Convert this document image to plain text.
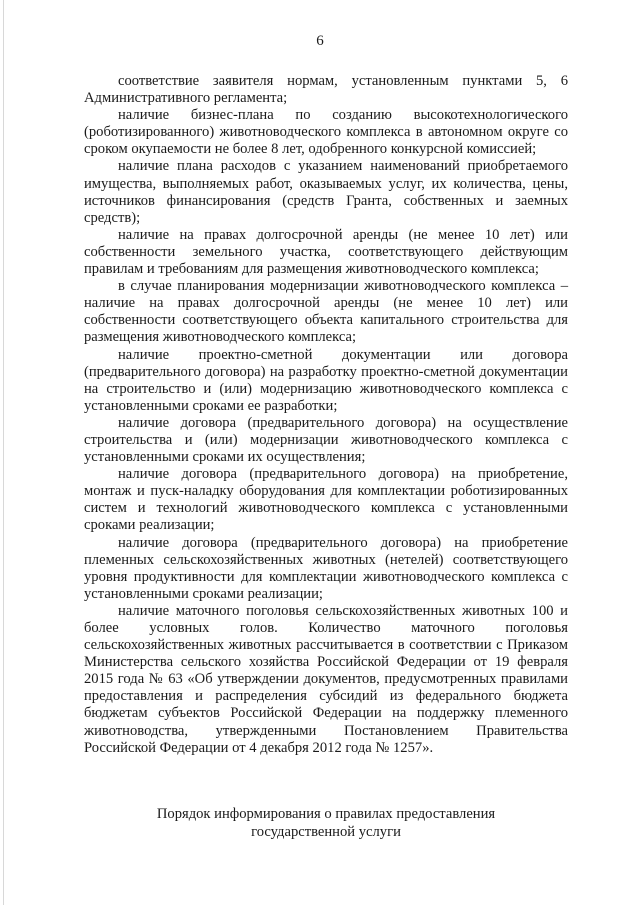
6

соответствие заявителя нормам, установленным пунктами 5, 6 Административного регламента;

наличие бизнес-плана по созданию высокотехнологического (роботизированного) животноводческого комплекса в автономном округе со сроком окупаемости не более 8 лет, одобренного конкурсной комиссией;

наличие плана расходов с указанием наименований приобретаемого имущества, выполняемых работ, оказываемых услуг, их количества, цены, источников финансирования (средств Гранта, собственных и заемных средств);

наличие на правах долгосрочной аренды (не менее 10 лет) или собственности земельного участка, соответствующего действующим правилам и требованиям для размещения животноводческого комплекса;

в случае планирования модернизации животноводческого комплекса – наличие на правах долгосрочной аренды (не менее 10 лет) или собственности соответствующего объекта капитального строительства для размещения животноводческого комплекса;

наличие проектно-сметной документации или договора (предварительного договора) на разработку проектно-сметной документации на строительство и (или) модернизацию животноводческого комплекса с установленными сроками ее разработки;

наличие договора (предварительного договора) на осуществление строительства и (или) модернизации животноводческого комплекса с установленными сроками их осуществления;

наличие договора (предварительного договора) на приобретение, монтаж и пуск-наладку оборудования для комплектации роботизированных систем и технологий животноводческого комплекса с установленными сроками реализации;

наличие договора (предварительного договора) на приобретение племенных сельскохозяйственных животных (нетелей) соответствующего уровня продуктивности для комплектации животноводческого комплекса с установленными сроками реализации;

наличие маточного поголовья сельскохозяйственных животных 100 и более условных голов. Количество маточного поголовья сельскохозяйственных животных рассчитывается в соответствии с Приказом Министерства сельского хозяйства Российской Федерации от 19 февраля 2015 года № 63 «Об утверждении документов, предусмотренных правилами предоставления и распределения субсидий из федерального бюджета бюджетам субъектов Российской Федерации на поддержку племенного животноводства, утвержденными Постановлением Правительства Российской Федерации от 4 декабря 2012 года № 1257».

Порядок информирования о правилах предоставления
государственной услуги
